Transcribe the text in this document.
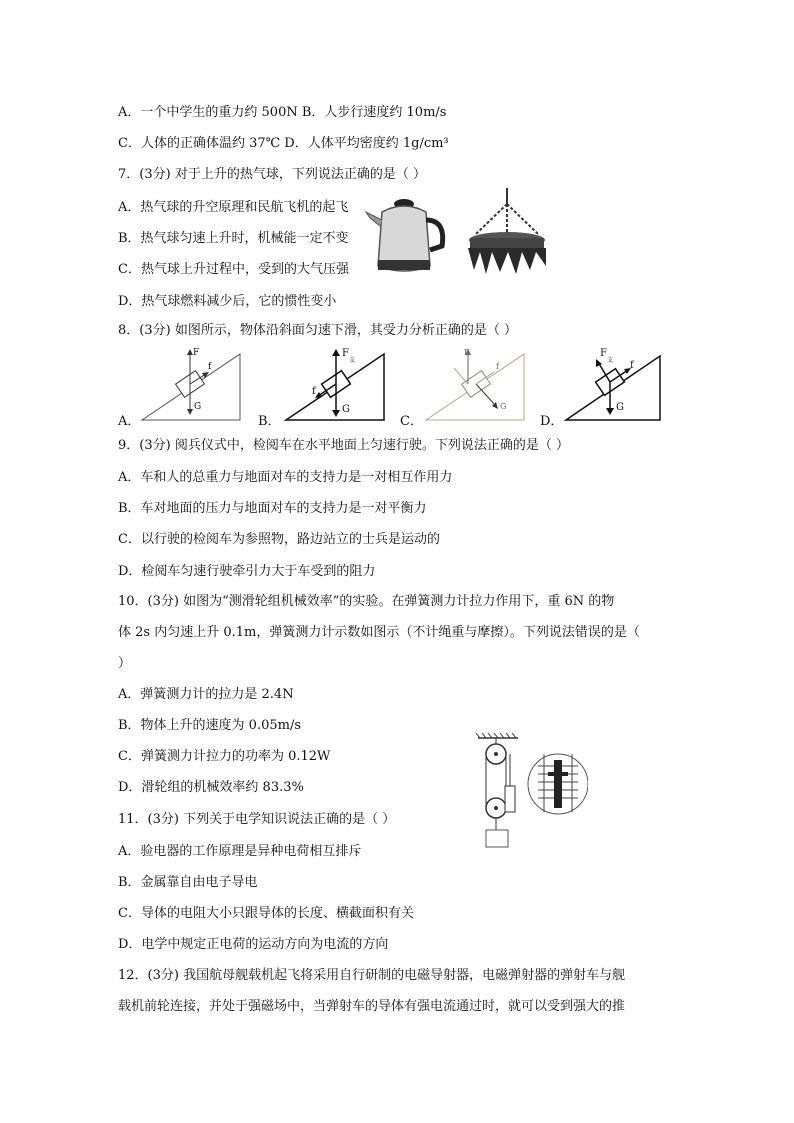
A．一个中学生的重力约 500N B．人步行速度约 10m/s
C．人体的正确体温约 37℃ D．人体平均密度约 1g/cm³
7．(3分) 对于上升的热气球，下列说法正确的是（ ）
A．热气球的升空原理和民航飞机的起飞
B．热气球匀速上升时，机械能一定不变
C．热气球上升过程中，受到的大气压强
D．热气球燃料减少后，它的惯性变小
8．(3分) 如图所示，物体沿斜面匀速下滑，其受力分析正确的是（ ）
9．(3分) 阅兵仪式中，检阅车在水平地面上匀速行驶。下列说法正确的是（ ）
A．车和人的总重力与地面对车的支持力是一对相互作用力
B．车对地面的压力与地面对车的支持力是一对平衡力
C．以行驶的检阅车为参照物，路边站立的士兵是运动的
D．检阅车匀速行驶牵引力大于车受到的阻力
10．(3分) 如图为“测滑轮组机械效率”的实验。在弹簧测力计拉力作用下，重 6N 的物
体 2s 内匀速上升 0.1m，弹簧测力计示数如图示（不计绳重与摩擦）。下列说法错误的是（
）
A．弹簧测力计的拉力是 2.4N
B．物体上升的速度为 0.05m/s
C．弹簧测力计拉力的功率为 0.12W
D．滑轮组的机械效率约 83.3%
11．(3分) 下列关于电学知识说法正确的是（ ）
A．验电器的工作原理是异种电荷相互排斥
B．金属靠自由电子导电
C．导体的电阻大小只跟导体的长度、横截面积有关
D．电学中规定正电荷的运动方向为电流的方向
12．(3分) 我国航母舰载机起飞将采用自行研制的电磁导射器，电磁弹射器的弹射车与舰
载机前轮连接，并处于强磁场中，当弹射车的导体有强电流通过时，就可以受到强大的推
A．
f
F
G
B．
f
F
支
G
C．
f
F
G
D．
f
F
支
G
